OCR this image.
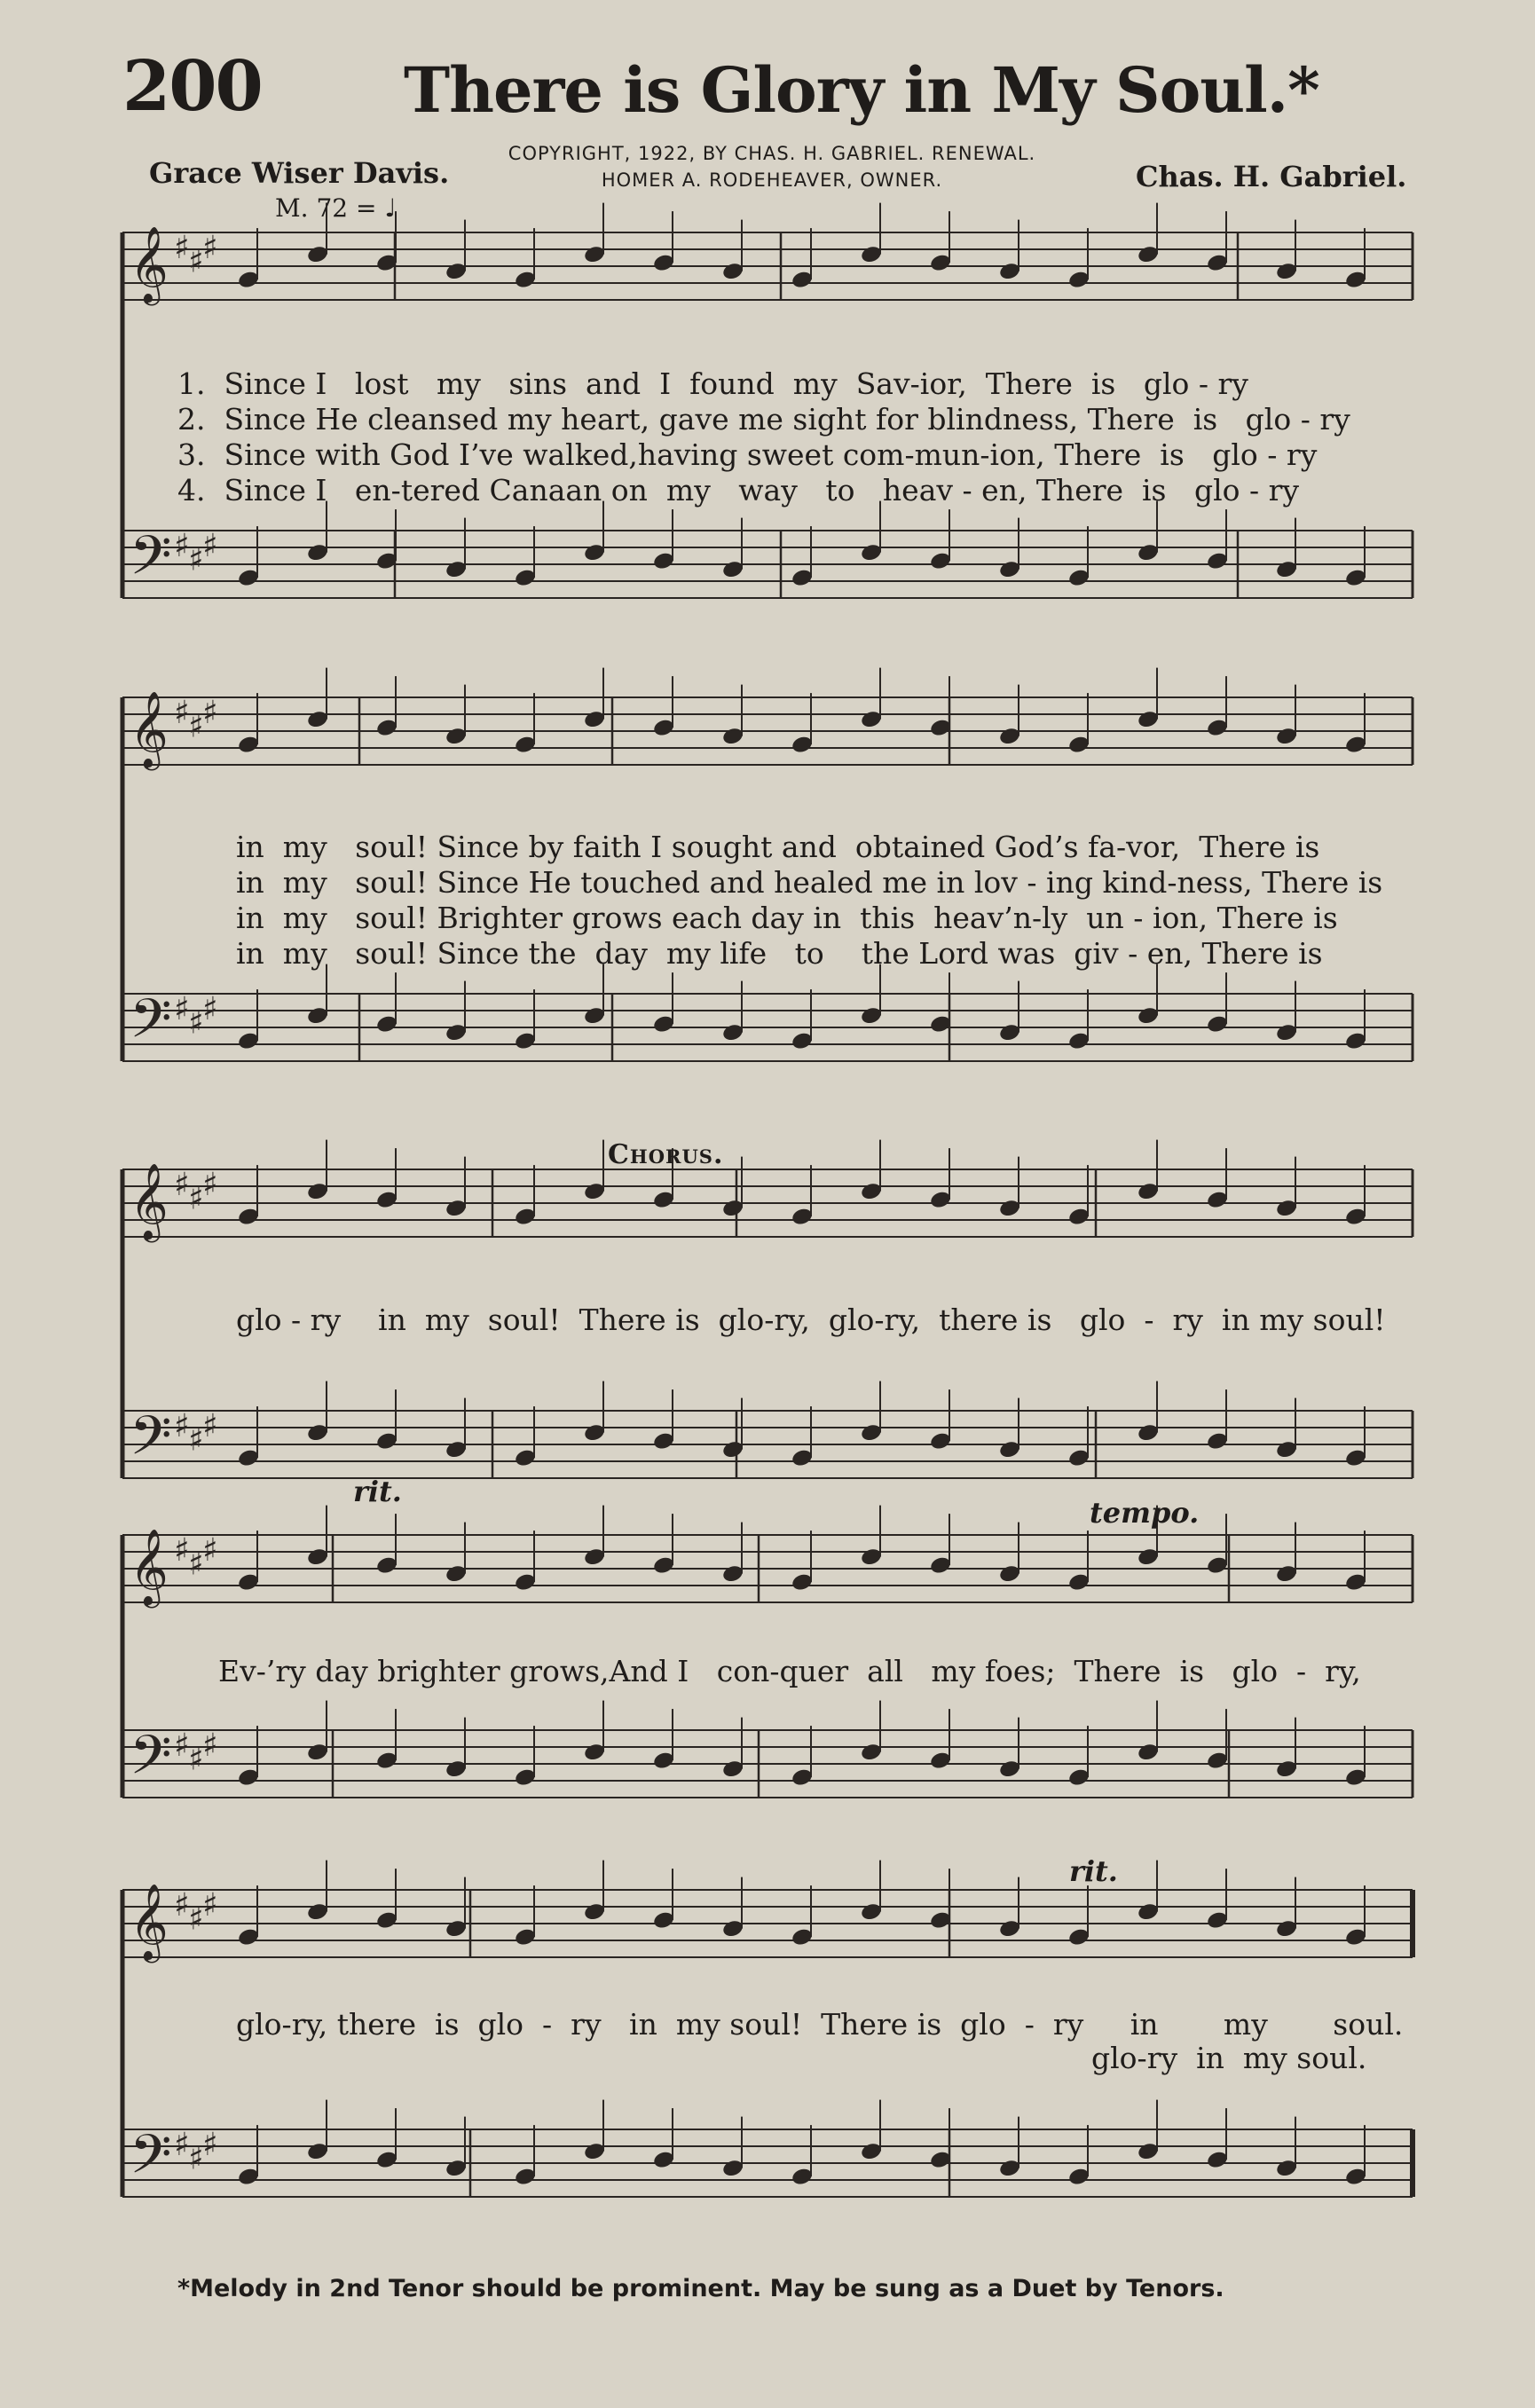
200 There is Glory in My Soul.*
Grace Wiser Davis.
COPYRIGHT, 1922, BY CHAS. H. GABRIEL. RENEWAL.
HOMER A. RODEHEAVER, OWNER.	Chas. H. Gabriel.
M. 72 = ♩
𝄞 ♯
♯
♯
𝄢 ♯
♯
♯
𝄞 ♯
♯
♯
𝄢 ♯
♯
♯
𝄞 ♯
♯
♯
𝄢 ♯
♯
♯
𝄞 ♯
♯
♯
𝄢 ♯
♯
♯
𝄞 ♯
♯
♯
𝄢 ♯
♯
♯
1.  Since I   lost   my   sins  and  I  found  my  Sav-ior,  There  is   glo - ry
2.  Since He cleansed my heart, gave me sight for blindness, There  is   glo - ry
3.  Since with God I’ve walked,having sweet com-mun-ion, There  is   glo - ry
4.  Since I   en-tered Canaan on  my   way   to   heav - en, There  is   glo - ry
in  my   soul! Since by faith I sought and  obtained God’s fa-vor,  There is
in  my   soul! Since He touched and healed me in lov - ing kind-ness, There is
in  my   soul! Brighter grows each day in  this  heav’n-ly  un - ion, There is
in  my   soul! Since the  day  my life   to    the Lord was  giv - en, There is
Chorus.
glo - ry    in  my  soul!  There is  glo-ry,  glo-ry,  there is   glo  -  ry  in my soul!
rit.
tempo.
Ev-’ry day brighter grows,And I   con-quer  all   my foes;  There  is   glo  -  ry,
rit.
glo-ry, there  is  glo  -  ry   in  my soul!  There is  glo  -  ry     in       my       soul.
glo-ry  in  my soul.
*Melody in 2nd Tenor should be prominent. May be sung as a Duet by Tenors.
